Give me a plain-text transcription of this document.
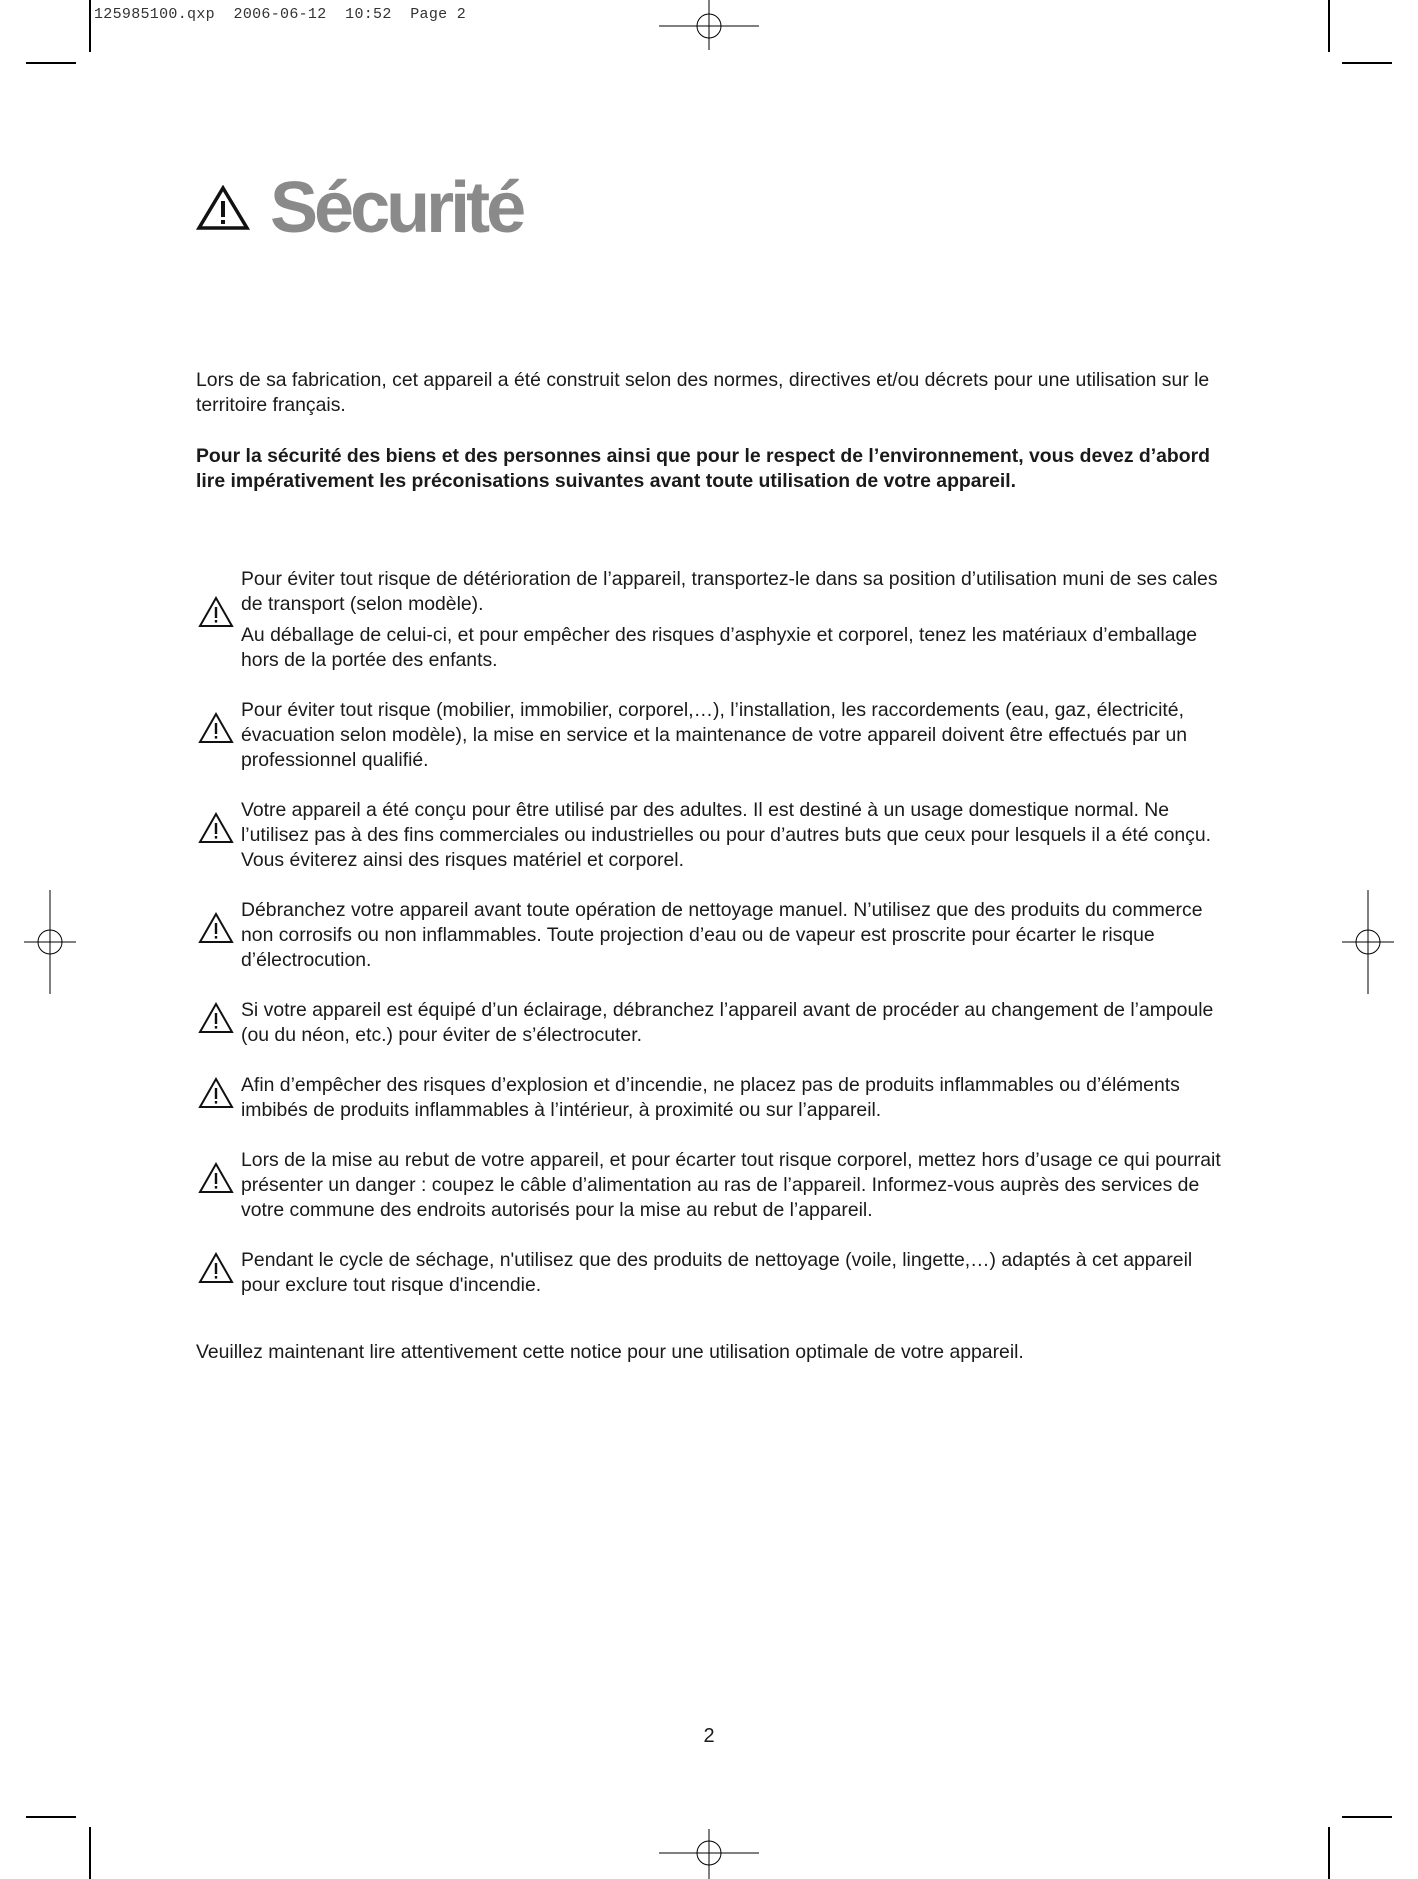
125985100.qxp  2006-06-12  10:52  Page 2
Sécurité

Lors de sa fabrication, cet appareil a été construit selon des normes, directives et/ou décrets pour une utilisation sur le territoire français.

Pour la sécurité des biens et des personnes ainsi que pour le respect de l’environnement, vous devez d’abord lire impérativement les préconisations suivantes avant toute utilisation de votre appareil.

Pour éviter tout risque de détérioration de l’appareil, transportez-le dans sa position d’utilisation muni de ses cales de transport (selon modèle).

Au déballage de celui-ci, et pour empêcher des risques d’asphyxie et corporel, tenez les matériaux d’emballage hors de la portée des enfants.

Pour éviter tout risque (mobilier, immobilier, corporel,…), l’installation, les raccordements (eau, gaz, électricité, évacuation selon modèle), la mise en service et la maintenance de votre appareil doivent être effectués par un professionnel qualifié.

Votre appareil a été conçu pour être utilisé par des adultes. Il est destiné à un usage domestique normal. Ne l’utilisez pas à des fins commerciales ou industrielles ou pour d’autres buts que ceux pour lesquels il a été conçu. Vous éviterez ainsi des risques matériel et corporel.

Débranchez votre appareil avant toute opération de nettoyage manuel. N’utilisez que des produits du commerce non corrosifs ou non inflammables. Toute projection d’eau ou de vapeur est proscrite pour écarter le risque d’électrocution.

Si votre appareil est équipé d’un éclairage, débranchez l’appareil avant de procéder au changement de l’ampoule (ou du néon, etc.) pour éviter de s’électrocuter.

Afin d’empêcher des risques d’explosion et d’incendie, ne placez pas de produits inflammables ou d’éléments imbibés de produits inflammables à l’intérieur, à proximité ou sur l’appareil.

Lors de la mise au rebut de votre appareil, et pour écarter tout risque corporel, mettez hors d’usage ce qui pourrait présenter un danger : coupez le câble d’alimentation au ras de l’appareil. Informez-vous auprès des services de votre commune des endroits autorisés pour la mise au rebut de l’appareil.

Pendant le cycle de séchage, n'utilisez que des produits de nettoyage (voile, lingette,…) adaptés à cet appareil pour exclure tout risque d'incendie.

Veuillez maintenant lire attentivement cette notice pour une utilisation optimale de votre appareil.

2
